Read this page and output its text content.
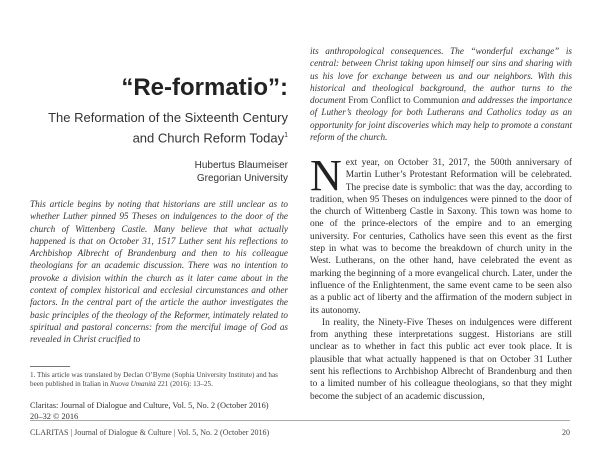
“Re-formatio”:
The Reformation of the Sixteenth Century
and Church Reform Today$^1$
Hubertus Blaumeiser
Gregorian University

This article begins by noting that historians are still unclear as to whether Luther pinned 95 Theses on indulgences to the door of the church of Wittenberg Castle. Many believe that what actually happened is that on October 31, 1517 Luther sent his reflections to Archbishop Albrecht of Brandenburg and then to his colleague theologians for an academic discussion. There was no intention to provoke a division within the church as it later came about in the context of complex historical and ecclesial circumstances and other factors. In the central part of the article the author investigates the basic principles of the theology of the Reformer, intimately related to spiritual and pastoral concerns: from the merciful image of God as revealed in Christ crucified to

1. This article was translated by Declan O’Byrne (Sophia University Institute) and has been published in Italian in Nuova Umanità 221 (2016): 13–25.

Claritas: Journal of Dialogue and Culture, Vol. 5, No. 2 (October 2016)
20–32 © 2016

its anthropological consequences. The “wonderful exchange” is central: between Christ taking upon himself our sins and sharing with us his love for exchange between us and our neighbors. With this historical and theological background, the author turns to the document From Conflict to Communion and addresses the importance of Luther’s theology for both Lutherans and Catholics today as an opportunity for joint discoveries which may help to promote a constant reform of the church.

Next year, on October 31, 2017, the 500th anniversary of Martin Luther’s Protestant Reformation will be celebrated. The precise date is symbolic: that was the day, according to tradition, when 95 Theses on indulgences were pinned to the door of the church of Wittenberg Castle in Saxony. This town was home to one of the prince-electors of the empire and to an emerging university. For centuries, Catholics have seen this event as the first step in what was to become the breakdown of church unity in the West. Lutherans, on the other hand, have celebrated the event as marking the beginning of a more evangelical church. Later, under the influence of the Enlightenment, the same event came to be seen also as a public act of liberty and the affirmation of the modern subject in its autonomy.

In reality, the Ninety-Five Theses on indulgences were different from anything these interpretations suggest. Historians are still unclear as to whether in fact this public act ever took place. It is plausible that what actually happened is that on October 31 Luther sent his reflections to Archbishop Albrecht of Brandenburg and then to a limited number of his colleague theologians, so that they might become the subject of an academic discussion,

CLARITAS | Journal of Dialogue & Culture | Vol. 5, No. 2 (October 2016)	20
